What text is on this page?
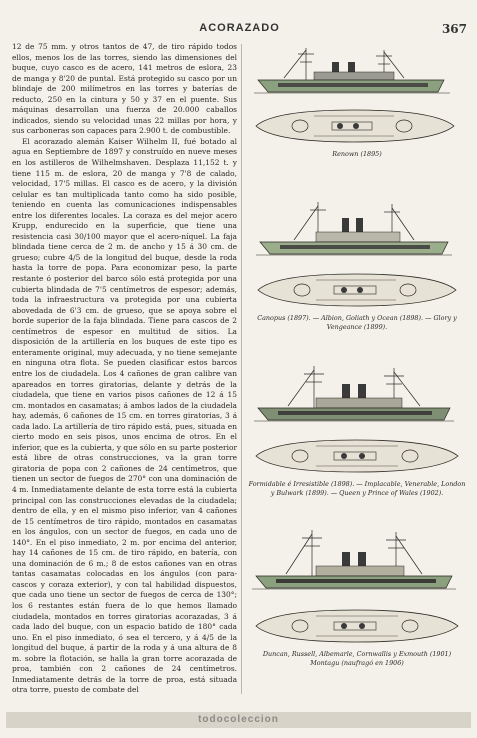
ACORAZADO	367

12 de 75 mm. y otros tantos de 47, de tiro rápido todos ellos, menos los de las torres, siendo las dimensiones del buque, cuyo casco es de acero, 141 metros de eslora, 23 de manga y 8'20 de puntal. Está protegido su casco por un blindaje de 200 milímetros en las torres y baterías de reducto, 250 en la cintura y 50 y 37 en el puente. Sus máquinas desarrollan una fuerza de 20.000 caballos indicados, siendo su velocidad unas 22 millas por hora, y sus carboneras son capaces para 2.900 t. de combustible.

El acorazado alemán Kaiser Wilhelm II, fué botado al agua en Septiembre de 1897 y construído en nueve meses en los astilleros de Wilhelmshaven. Desplaza 11,152 t. y tiene 115 m. de eslora, 20 de manga y 7'8 de calado, velocidad, 17'5 millas. El casco es de acero, y la división celular es tan multiplicada tanto como ha sido posible, teniendo en cuenta las comunicaciones indispensables entre los diferentes locales. La coraza es del mejor acero Krupp, endurecido en la superficie, que tiene una resistencia casi 30/100 mayor que el acero-níquel. La faja blindada tiene cerca de 2 m. de ancho y 15 á 30 cm. de grueso; cubre 4/5 de la longitud del buque, desde la roda hasta la torre de popa. Para economizar peso, la parte restante ó posterior del barco sólo está protegida por una cubierta blindada de 7'5 centímetros de espesor; además, toda la infraestructura va protegida por una cubierta abovedada de 6'3 cm. de grueso, que se apoya sobre el borde superior de la faja blindada. Tiene para cascos de 2 centímetros de espesor en multitud de sitios. La disposición de la artillería en los buques de este tipo es enteramente original, muy adecuada, y no tiene semejante en ninguna otra flota. Se pueden clasificar estos barcos entre los de ciudadela. Los 4 cañones de gran calibre van apareados en torres giratorias, delante y detrás de la ciudadela, que tiene en varios pisos cañones de 12 á 15 cm. montados en casamatas; á ambos lados de la ciudadela hay, además, 6 cañones de 15 cm. en torres giratorias, 3 á cada lado. La artillería de tiro rápido está, pues, situada en cierto modo en seis pisos, unos encima de otros. En el inferior, que es la cubierta, y que sólo en su parte posterior está libre de otras construcciones, va la gran torre giratoria de popa con 2 cañones de 24 centímetros, que tienen un sector de fuegos de 270° con una dominación de 4 m. Inmediatamente delante de esta torre está la cubierta principal con las construcciones elevadas de la ciudadela; dentro de ella, y en el mismo piso inferior, van 4 cañones de 15 centímetros de tiro rápido, montados en casamatas en los ángulos, con un sector de fuegos, en cada uno de 140°. En el piso inmediato, 2 m. por encima del anterior, hay 14 cañones de 15 cm. de tiro rápido, en batería, con una dominación de 6 m.; 8 de estos cañones van en otras tantas casamatas colocadas en los ángulos (con para-cascos y coraza exterior), y con tal habilidad dispuestos, que cada uno tiene un sector de fuegos de cerca de 130°; los 6 restantes están fuera de lo que hemos llamado ciudadela, montados en torres giratorias acorazadas, 3 á cada lado del buque, con un espacio batido de 180° cada uno. En el piso inmediato, ó sea el tercero, y á 4/5 de la longitud del buque, á partir de la roda y á una altura de 8 m. sobre la flotación, se halla la gran torre acorazada de proa, también con 2 cañones de 24 centímetros. Inmediatamente detrás de la torre de proa, está situada otra torre, puesto de combate del

Renown (1895)
Canopus (1897). — Albion, Goliath y Ocean (1898). — Glory y Vengeance (1899).
Formidable é Irresistible (1898). — Implacable, Venerable, London y Bulwark (1899). — Queen y Prince of Wales (1902).
Duncan, Russell, Albemarle, Cornwallis y Exmouth (1901) Montagu (naufragó en 1906)
todocoleccion
